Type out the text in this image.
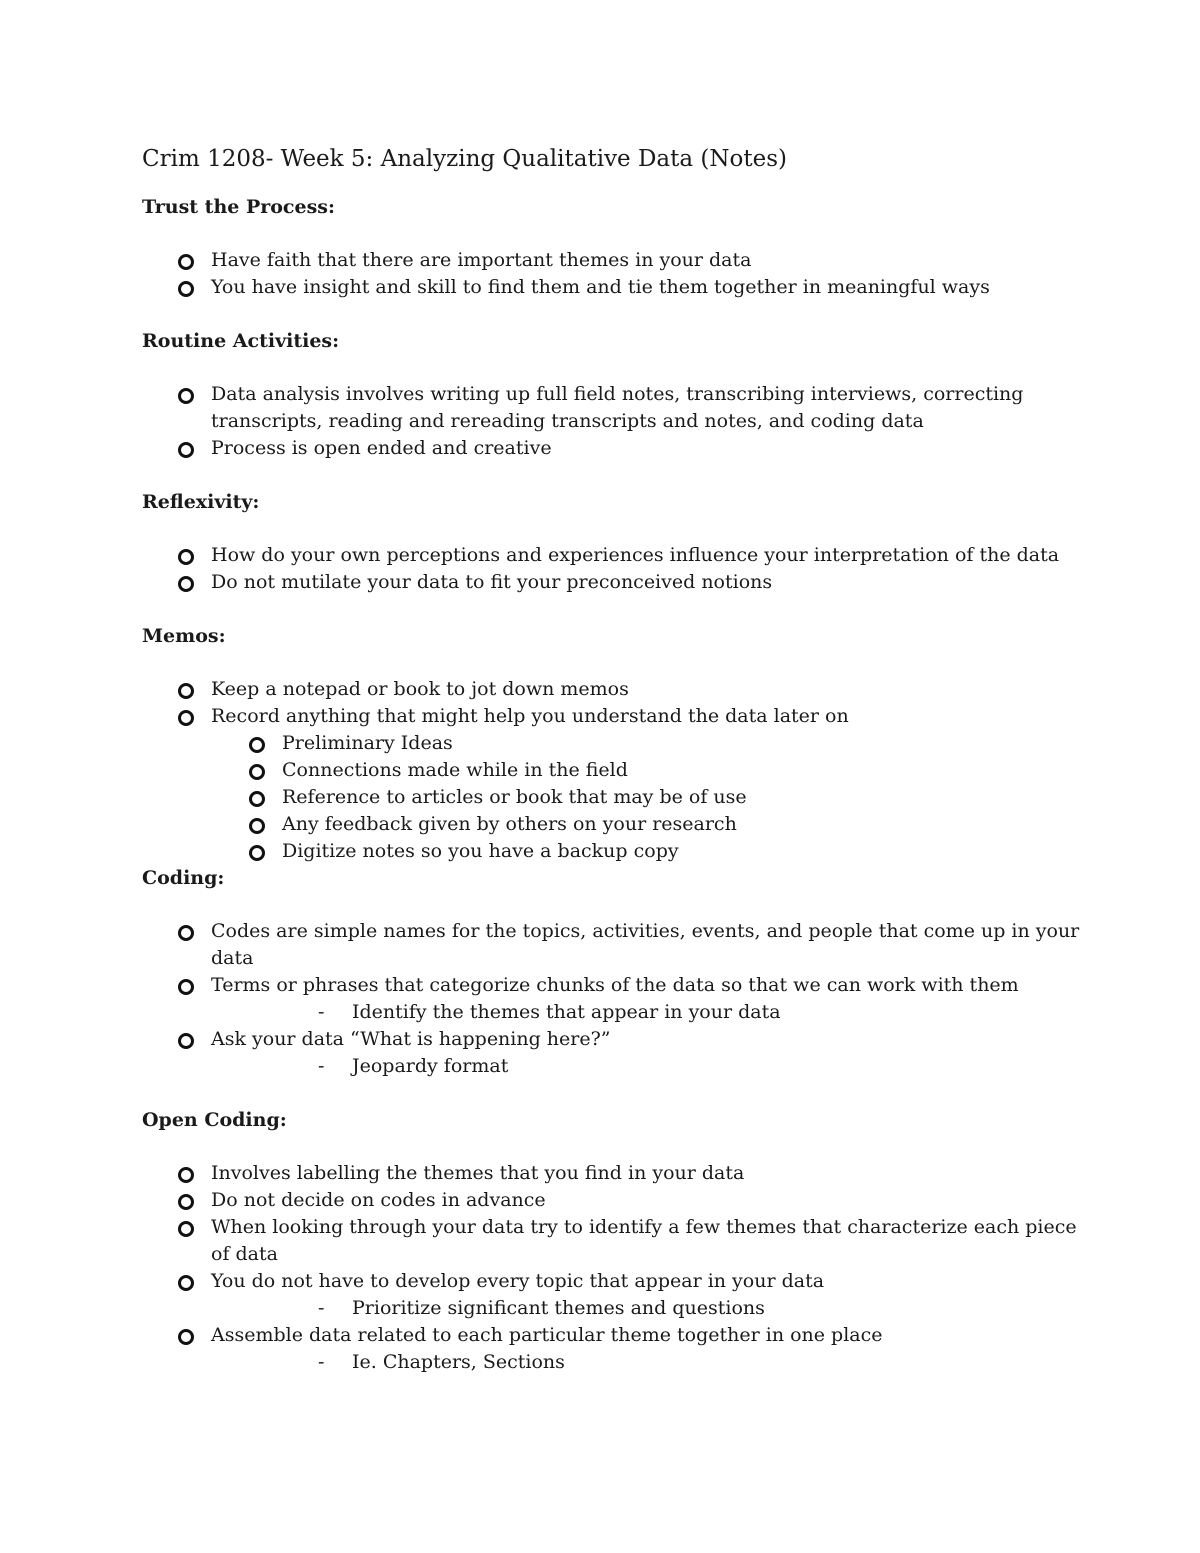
Crim 1208- Week 5: Analyzing Qualitative Data (Notes)
Trust the Process:
Have faith that there are important themes in your data
You have insight and skill to find them and tie them together in meaningful ways
Routine Activities:
Data analysis involves writing up full field notes, transcribing interviews, correcting transcripts, reading and rereading transcripts and notes, and coding data
Process is open ended and creative
Reflexivity:
How do your own perceptions and experiences influence your interpretation of the data
Do not mutilate your data to fit your preconceived notions
Memos:
Keep a notepad or book to jot down memos
Record anything that might help you understand the data later on
Preliminary Ideas
Connections made while in the field
Reference to articles or book that may be of use
Any feedback given by others on your research
Digitize notes so you have a backup copy
Coding:
Codes are simple names for the topics, activities, events, and people that come up in your data
Terms or phrases that categorize chunks of the data so that we can work with them
- Identify the themes that appear in your data
Ask your data “What is happening here?”
- Jeopardy format
Open Coding:
Involves labelling the themes that you find in your data
Do not decide on codes in advance
When looking through your data try to identify a few themes that characterize each piece of data
You do not have to develop every topic that appear in your data
- Prioritize significant themes and questions
Assemble data related to each particular theme together in one place
- Ie. Chapters, Sections
